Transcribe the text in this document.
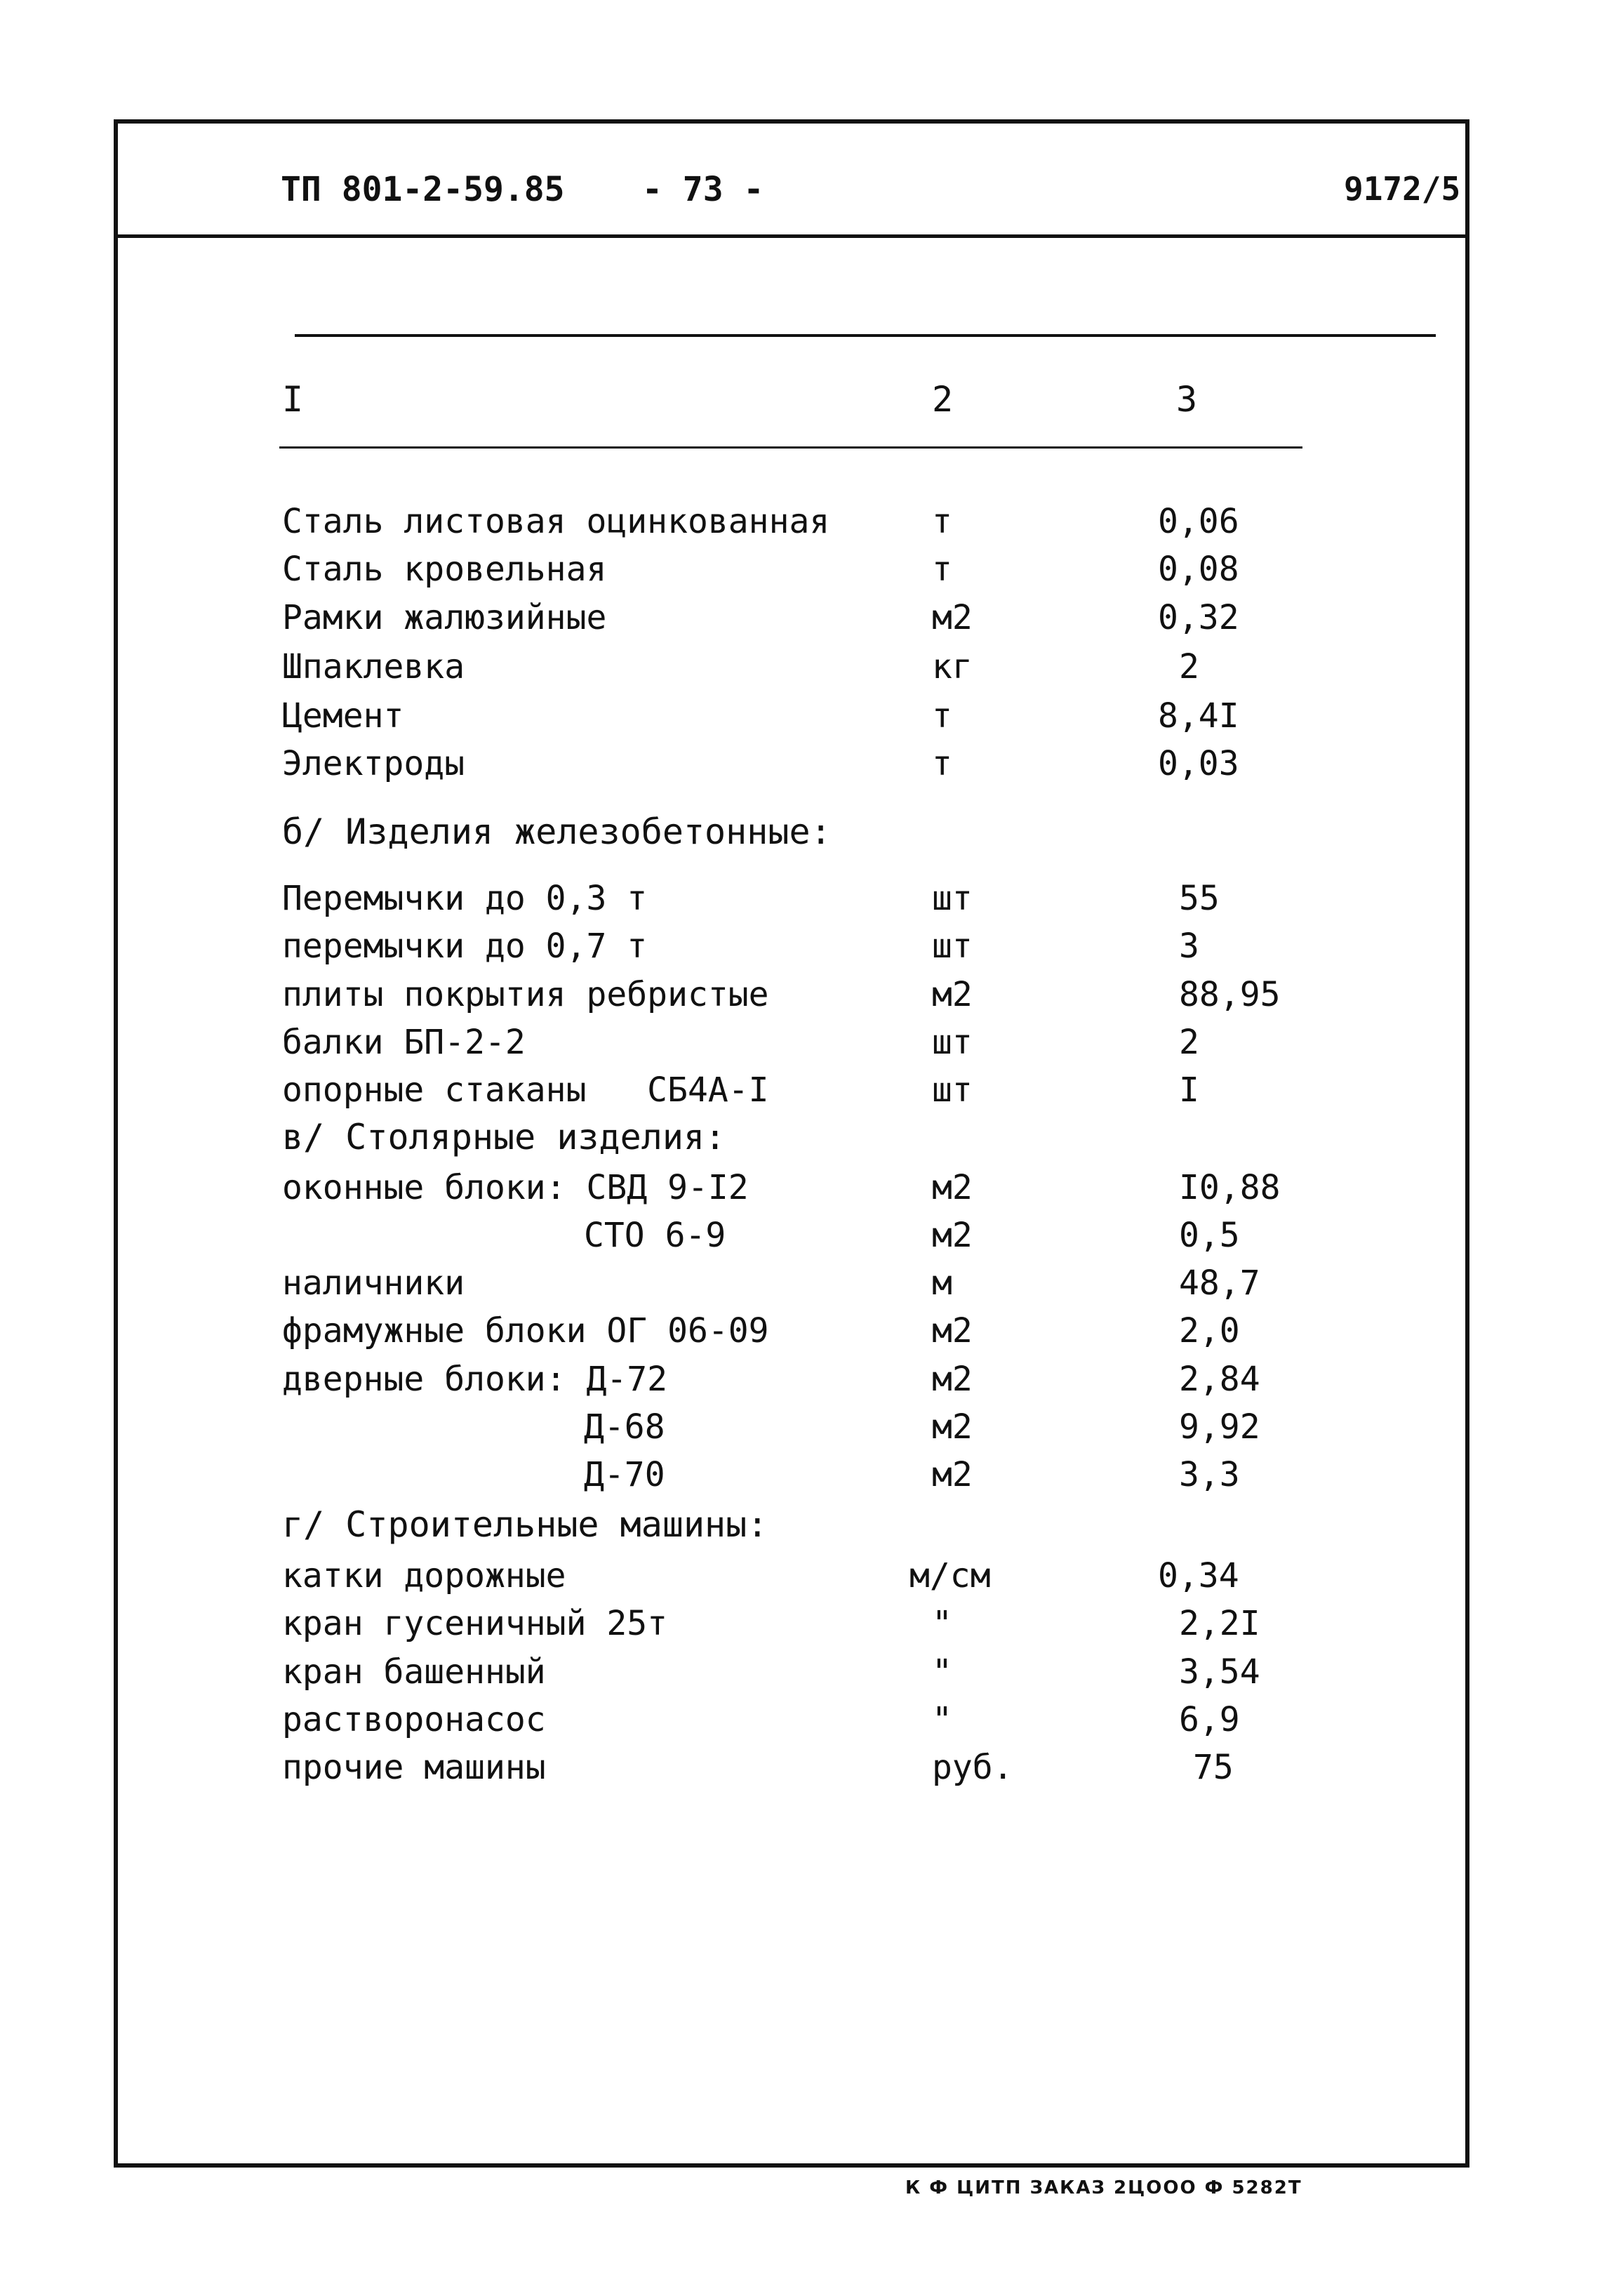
ТП 801-2-59.85 - 73 -	9172/5
I	2	3
Сталь листовая оцинкованная	т	0,06
Сталь кровельная	т	0,08
Рамки жалюзийные	м2	0,32
Шпаклевка	кг	2
Цемент	т	8,4I
Электроды	т	0,03
б/ Изделия железобетонные:
Перемычки до 0,3 т	шт	55
перемычки до 0,7 т	шт	3
плиты покрытия ребристые	м2	88,95
балки БП-2-2	шт	2
опорные стаканы   СБ4А-I	шт	I
в/ Столярные изделия:
оконные блоки: СВД 9-I2	м2	I0,88
СТО 6-9	м2	0,5
наличники	м	48,7
фрамужные блоки ОГ 06-09	м2	2,0
дверные блоки: Д-72	м2	2,84
Д-68	м2	9,92
Д-70	м2	3,3
г/ Строительные машины:
катки дорожные	м/см	0,34
кран гусеничный 25т	"	2,2I
кран башенный	"	3,54
растворонасос	"	6,9
прочие машины	руб.	75
К Ф ЦИТП ЗАКАЗ 2ЦООО Ф 5282Т
